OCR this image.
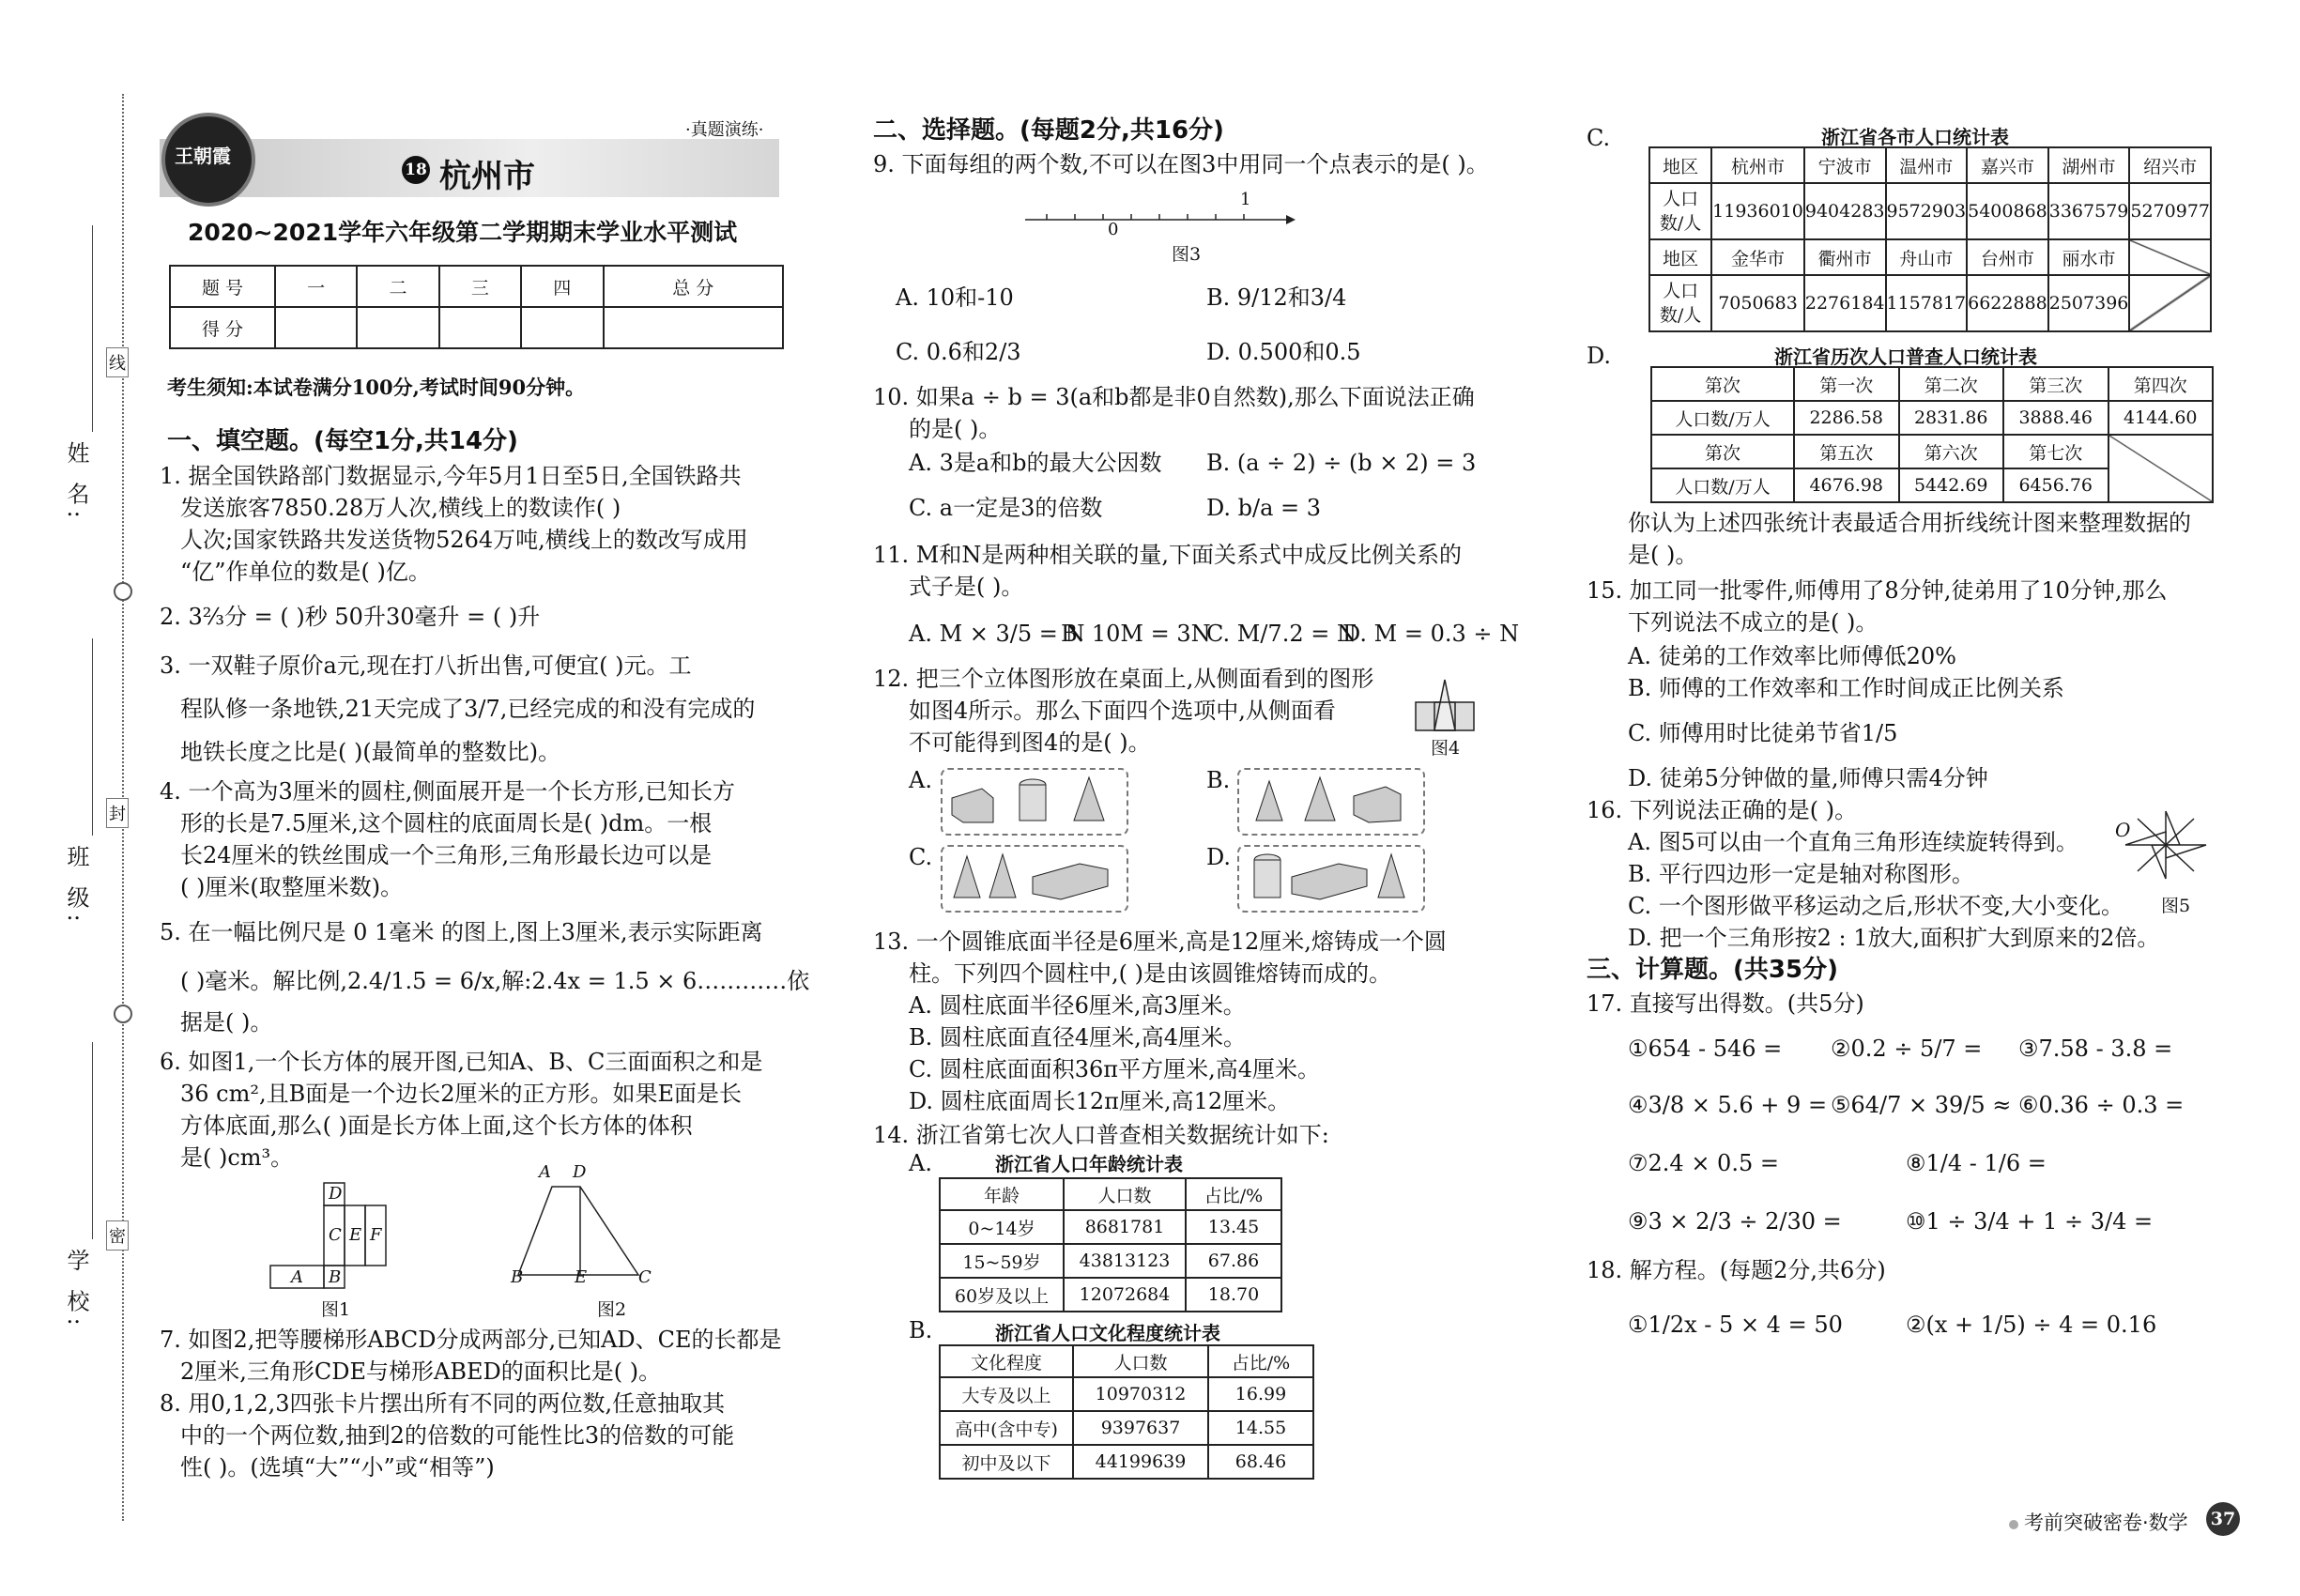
姓 名:
班 级:
学 校:
线
封
密
王朝霞
·真题演练·
18 杭州市
2020~2021学年六年级第二学期期末学业水平测试
题 号	一	二	三	四	总 分
得 分					
考生须知:本试卷满分100分,考试时间90分钟。
一、填空题。(每空1分,共14分)
1. 据全国铁路部门数据显示,今年5月1日至5日,全国铁路共
发送旅客7850.28万人次,横线上的数读作( )
人次;国家铁路共发送货物5264万吨,横线上的数改写成用
“亿”作单位的数是( )亿。
2. 3⅔分 = ( )秒 50升30毫升 = ( )升
3. 一双鞋子原价a元,现在打八折出售,可便宜( )元。工
程队修一条地铁,21天完成了3/7,已经完成的和没有完成的
地铁长度之比是( )(最简单的整数比)。
4. 一个高为3厘米的圆柱,侧面展开是一个长方形,已知长方
形的长是7.5厘米,这个圆柱的底面周长是( )dm。一根
长24厘米的铁丝围成一个三角形,三角形最长边可以是
( )厘米(取整厘米数)。
5. 在一幅比例尺是 0 1毫米 的图上,图上3厘米,表示实际距离
( )毫米。解比例,2.4/1.5 = 6/x,解:2.4x = 1.5 × 6…………依
据是( )。
6. 如图1,一个长方体的展开图,已知A、B、C三面面积之和是
36 cm²,且B面是一个边长2厘米的正方形。如果E面是长
方体底面,那么( )面是长方体上面,这个长方体的体积
是( )cm³。
D
C E F
A B
图1
A D
B	E	C
图2
7. 如图2,把等腰梯形ABCD分成两部分,已知AD、CE的长都是
2厘米,三角形CDE与梯形ABED的面积比是( )。
8. 用0,1,2,3四张卡片摆出所有不同的两位数,任意抽取其
中的一个两位数,抽到2的倍数的可能性比3的倍数的可能
性( )。(选填“大”“小”或“相等”)
二、选择题。(每题2分,共16分)
9. 下面每组的两个数,不可以在图3中用同一个点表示的是( )。
0
1
图3
A. 10和-10	B. 9/12和3/4
C. 0.6̇和2/3	D. 0.500和0.5
10. 如果a ÷ b = 3(a和b都是非0自然数),那么下面说法正确
的是( )。
A. 3是a和b的最大公因数 B. (a ÷ 2) ÷ (b × 2) = 3
C. a一定是3的倍数	D. b/a = 3
11. M和N是两种相关联的量,下面关系式中成反比例关系的
式子是( )。
A. M × 3/5 = N
B. 10M = 3N
C. M/7.2 = N
D. M = 0.3 ÷ N
12. 把三个立体图形放在桌面上,从侧面看到的图形
如图4所示。那么下面四个选项中,从侧面看
不可能得到图4的是( )。	图4
A.	B.
C.	D.
13. 一个圆锥底面半径是6厘米,高是12厘米,熔铸成一个圆
柱。下列四个圆柱中,( )是由该圆锥熔铸而成的。
A. 圆柱底面半径6厘米,高3厘米。
B. 圆柱底面直径4厘米,高4厘米。
C. 圆柱底面面积36π平方厘米,高4厘米。
D. 圆柱底面周长12π厘米,高12厘米。
14. 浙江省第七次人口普查相关数据统计如下:
A.	浙江省人口年龄统计表
年龄	人口数	占比/%
0~14岁	8681781	13.45
15~59岁	43813123	67.86
60岁及以上	12072684	18.70
B.	浙江省人口文化程度统计表
文化程度	人口数	占比/%
大专及以上	10970312	16.99
高中(含中专)	9397637	14.55
初中及以下	44199639	68.46
C.	浙江省各市人口统计表
地区	杭州市	宁波市	温州市	嘉兴市	湖州市	绍兴市
人口
数/人	11936010	9404283	9572903	5400868	3367579	5270977
地区	金华市	衢州市	舟山市	台州市	丽水市	
人口
数/人	7050683	2276184	1157817	6622888	2507396	
D.	浙江省历次人口普查人口统计表
第次	第一次	第二次	第三次	第四次
人口数/万人	2286.58	2831.86	3888.46	4144.60
第次	第五次	第六次	第七次	
人口数/万人	4676.98	5442.69	6456.76	
你认为上述四张统计表最适合用折线统计图来整理数据的
是( )。
15. 加工同一批零件,师傅用了8分钟,徒弟用了10分钟,那么
下列说法不成立的是( )。
A. 徒弟的工作效率比师傅低20%
B. 师傅的工作效率和工作时间成正比例关系
C. 师傅用时比徒弟节省1/5
D. 徒弟5分钟做的量,师傅只需4分钟
16. 下列说法正确的是( )。
A. 图5可以由一个直角三角形连续旋转得到。
B. 平行四边形一定是轴对称图形。
C. 一个图形做平移运动之后,形状不变,大小变化。
D. 把一个三角形按2 : 1放大,面积扩大到原来的2倍。
O
图5
三、计算题。(共35分)
17. 直接写出得数。(共5分)
①654 - 546 = ②0.2 ÷ 5/7 = ③7.58 - 3.8 =
④3/8 × 5.6 + 9 = ⑤64/7 × 39/5 ≈ ⑥0.36 ÷ 0.3 =
⑦2.4 × 0.5 =	⑧1/4 - 1/6 =
⑨3 × 2/3 ÷ 2/30 =	⑩1 ÷ 3/4 + 1 ÷ 3/4 =
18. 解方程。(每题2分,共6分)
①1/2x - 5 × 4 = 50	②(x + 1/5) ÷ 4 = 0.16
考前突破密卷·数学 37
